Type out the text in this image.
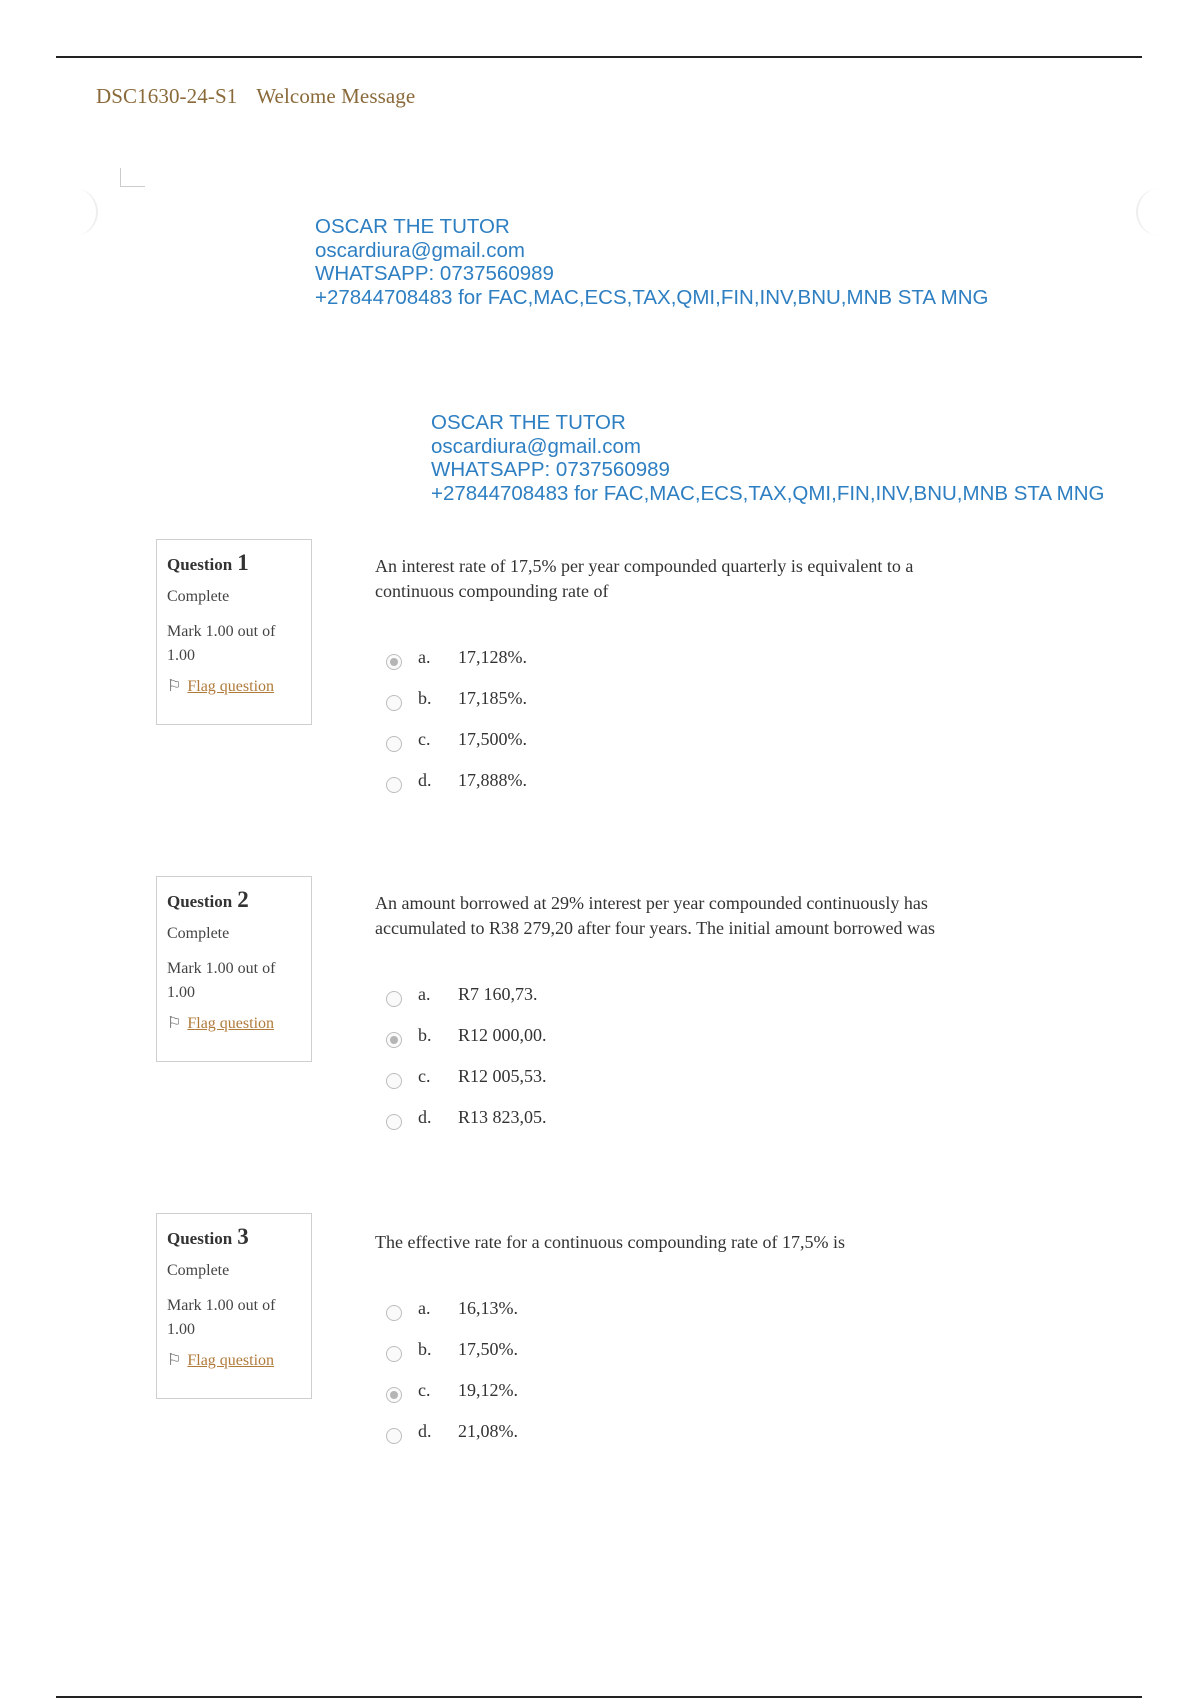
DSC1630-24-S1 Welcome Message
OSCAR THE TUTOR
oscardiura@gmail.com
WHATSAPP: 0737560989
+27844708483 for FAC,MAC,ECS,TAX,QMI,FIN,INV,BNU,MNB STA MNG
OSCAR THE TUTOR
oscardiura@gmail.com
WHATSAPP: 0737560989
+27844708483 for FAC,MAC,ECS,TAX,QMI,FIN,INV,BNU,MNB STA MNG
Question 1
Complete
Mark 1.00 out of 1.00
⚐ Flag question
An interest rate of 17,5% per year compounded quarterly is equivalent to a continuous compounding rate of
a.	17,128%.
b.	17,185%.
c.	17,500%.
d.	17,888%.
Question 2
Complete
Mark 1.00 out of 1.00
⚐ Flag question
An amount borrowed at 29% interest per year compounded continuously has accumulated to R38 279,20 after four years. The initial amount borrowed was
a.	R7 160,73.
b.	R12 000,00.
c.	R12 005,53.
d.	R13 823,05.
Question 3
Complete
Mark 1.00 out of 1.00
⚐ Flag question
The effective rate for a continuous compounding rate of 17,5% is
a.	16,13%.
b.	17,50%.
c.	19,12%.
d.	21,08%.
